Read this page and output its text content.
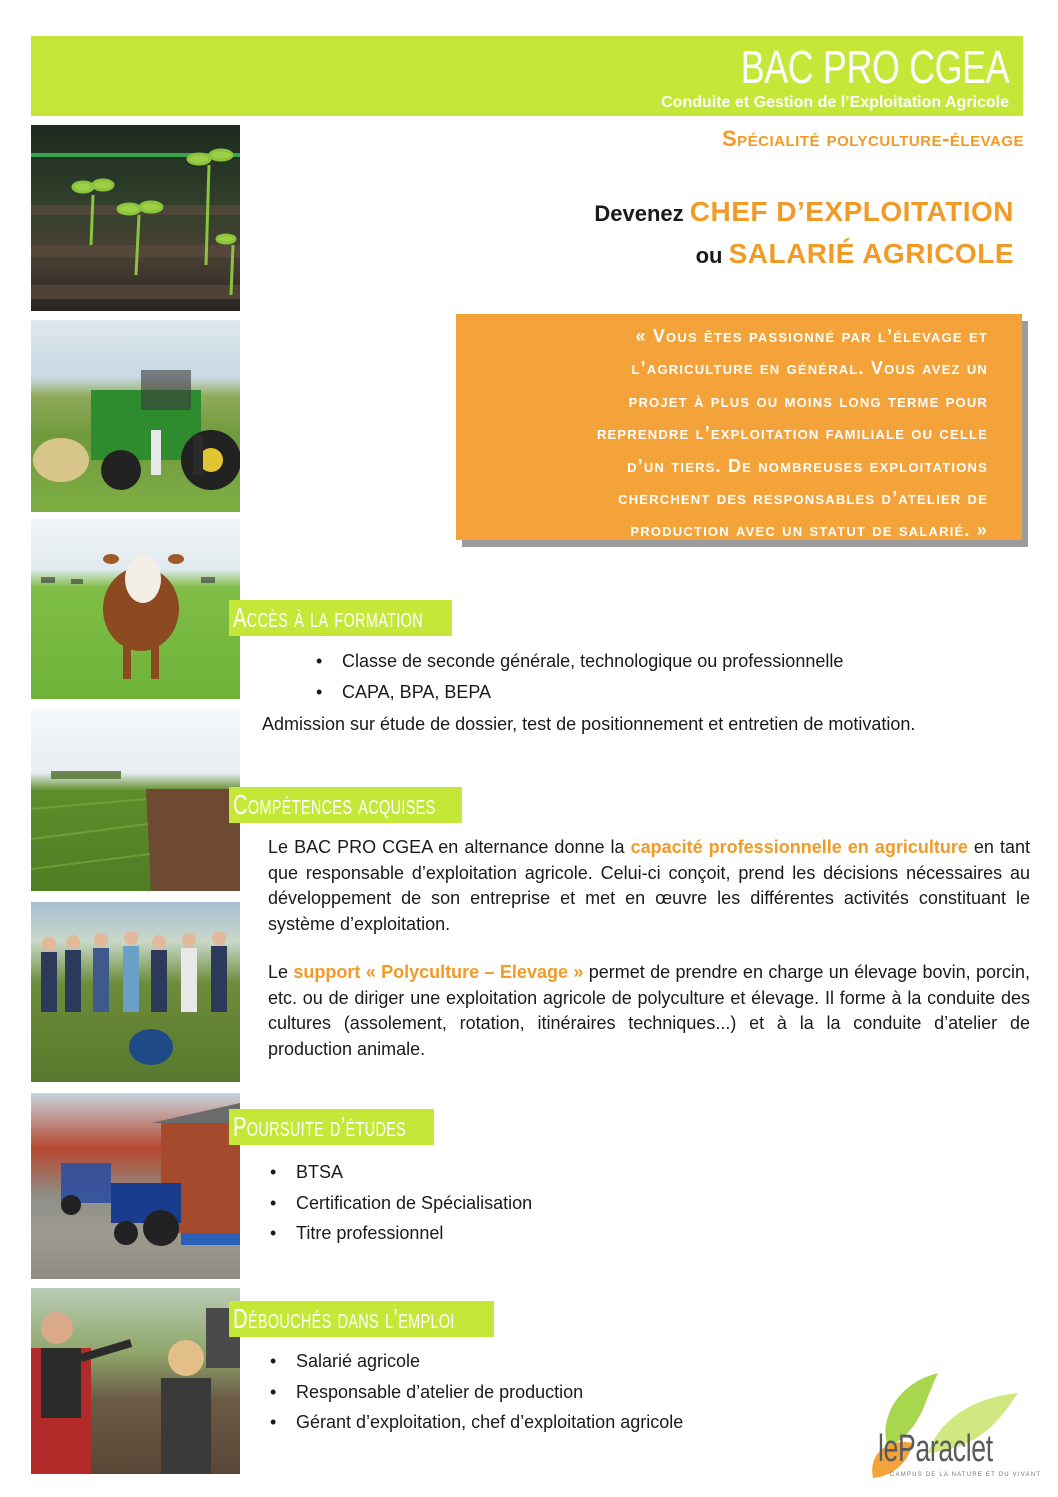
BAC PRO CGEA
Conduite et Gestion de l’Exploitation Agricole
Spécialité polyculture-élevage
Devenez CHEF D’EXPLOITATION
ou SALARIÉ AGRICOLE

« Vous êtes passionné par l’élevage et

l’agriculture en général. Vous avez un

projet à plus ou moins long terme pour

reprendre l’exploitation familiale ou celle

d’un tiers. De nombreuses exploitations

cherchent des responsables d’atelier de

production avec un statut de salarié. »

Accès à la formation
• Classe de seconde générale, technologique ou professionnelle
• CAPA, BPA, BEPA
Admission sur étude de dossier, test de positionnement et entretien de motivation.
Compétences acquises
Le BAC PRO CGEA en alternance donne la capacité professionnelle en agriculture en tant que responsable d’exploitation agricole. Celui-ci conçoit, prend les décisions nécessaires au développement de son entreprise et met en œuvre les différentes activités constituant le système d’exploitation.
Le support « Polyculture – Elevage » permet de prendre en charge un élevage bovin, porcin, etc. ou de diriger une exploitation agricole de polyculture et élevage. Il forme à la conduite des cultures (assolement, rotation, itinéraires techniques...) et à la la conduite d’atelier de production animale.
Poursuite d’études
• BTSA
• Certification de Spécialisation
• Titre professionnel
Débouchés dans l’emploi
• Salarié agricole
• Responsable d’atelier de production
• Gérant d’exploitation, chef d’exploitation agricole
leParaclet
CAMPUS DE LA NATURE ET DU VIVANT
